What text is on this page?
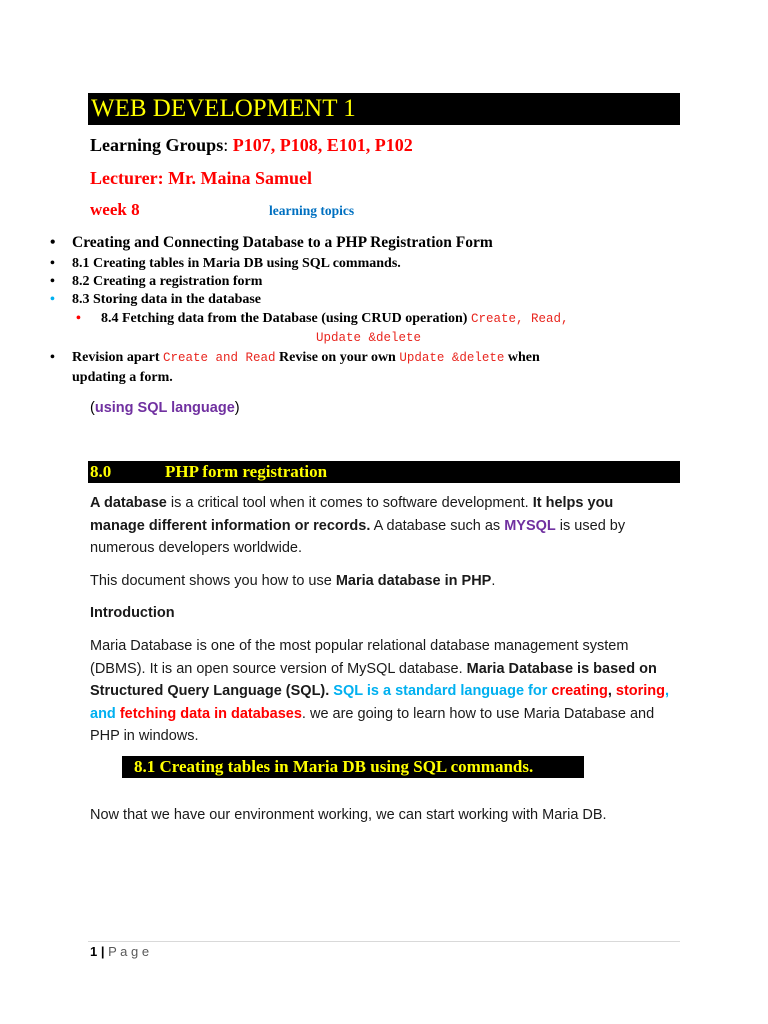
WEB DEVELOPMENT 1
Learning Groups: P107, P108, E101, P102
Lecturer: Mr. Maina Samuel
week 8	learning topics
• Creating and Connecting Database to a PHP Registration Form
• 8.1 Creating tables in Maria DB using SQL commands.
• 8.2 Creating a registration form
• 8.3 Storing data in the database
• 8.4 Fetching data from the Database (using CRUD operation) Create, Read,
Update &delete
• Revision apart Create and Read Revise on your own Update &delete when
updating a form.
(using SQL language)
8.0	PHP form registration
A database is a critical tool when it comes to software development. It helps you
manage different information or records. A database such as MYSQL is used by
numerous developers worldwide.
This document shows you how to use Maria database in PHP.
Introduction
Maria Database is one of the most popular relational database management system
(DBMS). It is an open source version of MySQL database. Maria Database is based on
Structured Query Language (SQL). SQL is a standard language for creating, storing,
and fetching data in databases. we are going to learn how to use Maria Database and
PHP in windows.
8.1 Creating tables in Maria DB using SQL commands.
Now that we have our environment working, we can start working with Maria DB.
1 | P a g e
